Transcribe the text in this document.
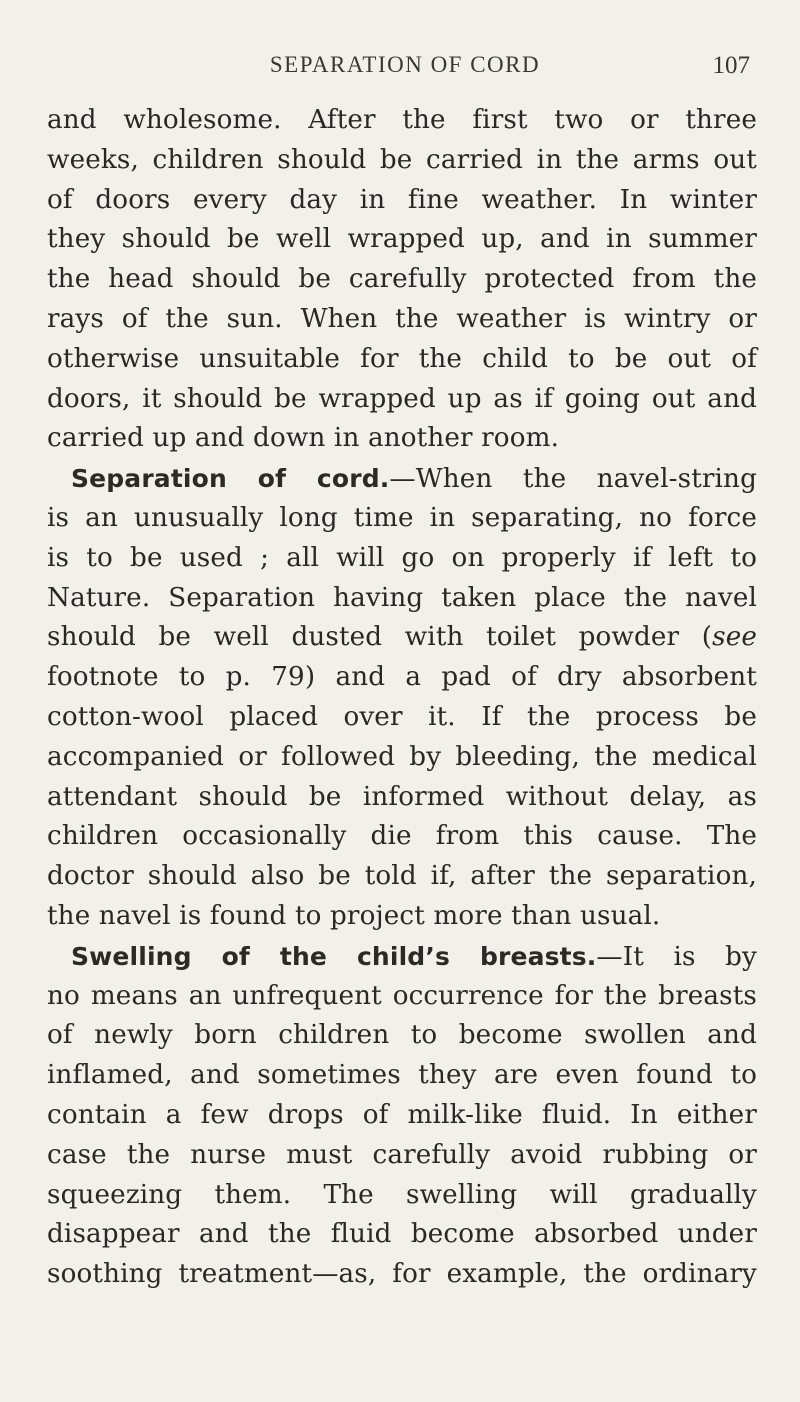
SEPARATION OF CORD	107
and wholesome. After the first two or three
weeks, children should be carried in the arms out
of doors every day in fine weather. In winter
they should be well wrapped up, and in summer
the head should be carefully protected from the
rays of the sun. When the weather is wintry or
otherwise unsuitable for the child to be out of
doors, it should be wrapped up as if going out and
carried up and down in another room.
Separation of cord.—When the navel-string
is an unusually long time in separating, no force
is to be used ; all will go on properly if left to
Nature. Separation having taken place the navel
should be well dusted with toilet powder (see
footnote to p. 79) and a pad of dry absorbent
cotton-wool placed over it. If the process be
accompanied or followed by bleeding, the medical
attendant should be informed without delay, as
children occasionally die from this cause. The
doctor should also be told if, after the separation,
the navel is found to project more than usual.
Swelling of the child’s breasts.—It is by
no means an unfrequent occurrence for the breasts
of newly born children to become swollen and
inflamed, and sometimes they are even found to
contain a few drops of milk-like fluid. In either
case the nurse must carefully avoid rubbing or
squeezing them. The swelling will gradually
disappear and the fluid become absorbed under
soothing treatment—as, for example, the ordinary
